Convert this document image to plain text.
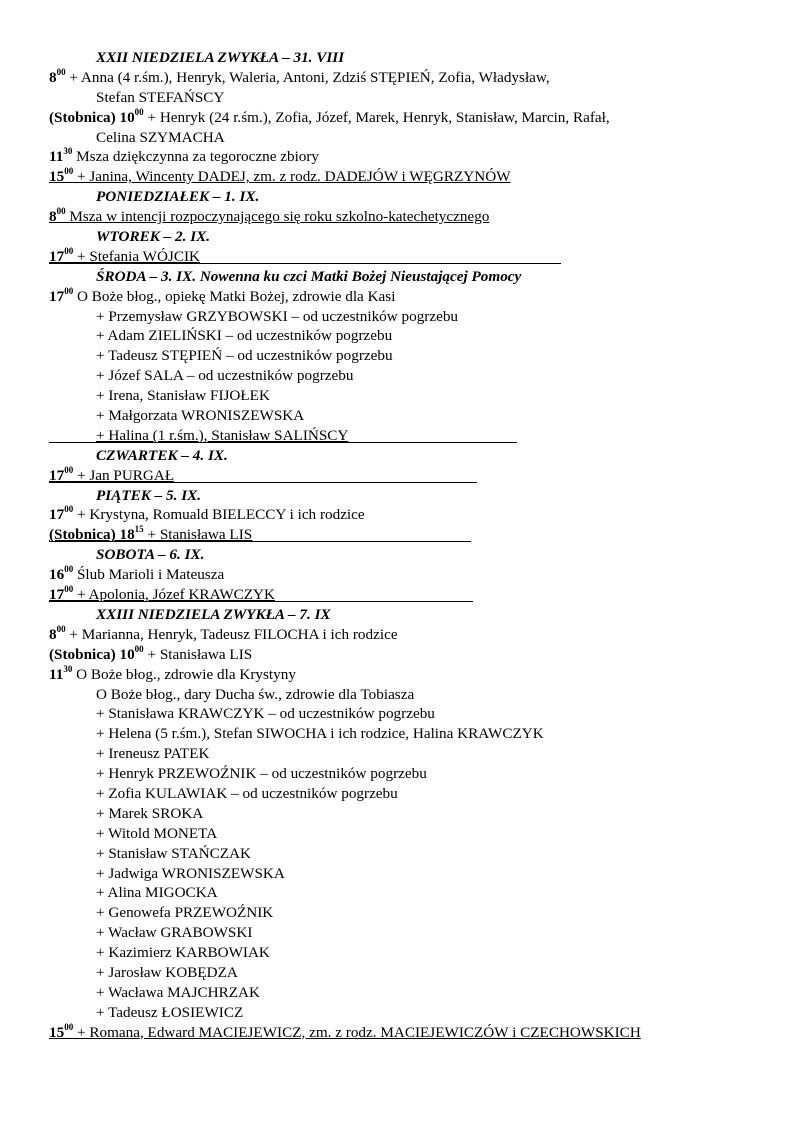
XXII NIEDZIELA ZWYKŁA – 31. VIII
$8^{00}$ + Anna (4 r.śm.), Henryk, Waleria, Antoni, Zdziś STĘPIEŃ, Zofia, Władysław,
Stefan STEFAŃSCY
(Stobnica) $10^{00}$ + Henryk (24 r.śm.), Zofia, Józef, Marek, Henryk, Stanisław, Marcin, Rafał,
Celina SZYMACHA
$11^{30}$ Msza dziękczynna za tegoroczne zbiory
$15^{00}$ + Janina, Wincenty DADEJ, zm. z rodz. DADEJÓW i WĘGRZYNÓW
PONIEDZIAŁEK – 1. IX.
$8^{00}$ Msza w intencji rozpoczynającego się roku szkolno-katechetycznego
WTOREK – 2. IX.
$17^{00}$ + Stefania WÓJCIK
ŚRODA – 3. IX. Nowenna ku czci Matki Bożej Nieustającej Pomocy
$17^{00}$ O Boże błog., opiekę Matki Bożej, zdrowie dla Kasi
+ Przemysław GRZYBOWSKI – od uczestników pogrzebu
+ Adam ZIELIŃSKI – od uczestników pogrzebu
+ Tadeusz STĘPIEŃ – od uczestników pogrzebu
+ Józef SALA – od uczestników pogrzebu
+ Irena, Stanisław FIJOŁEK
+ Małgorzata WRONISZEWSKA
+ Halina (1 r.śm.), Stanisław SALIŃSCY
CZWARTEK – 4. IX.
$17^{00}$ + Jan PURGAŁ
PIĄTEK – 5. IX.
$17^{00}$ + Krystyna, Romuald BIELECCY i ich rodzice
(Stobnica) $18^{15}$ + Stanisława LIS
SOBOTA – 6. IX.
$16^{00}$ Ślub Marioli i Mateusza
$17^{00}$ + Apolonia, Józef KRAWCZYK
XXIII NIEDZIELA ZWYKŁA – 7. IX
$8^{00}$ + Marianna, Henryk, Tadeusz FILOCHA i ich rodzice
(Stobnica) $10^{00}$ + Stanisława LIS
$11^{30}$ O Boże błog., zdrowie dla Krystyny
O Boże błog., dary Ducha św., zdrowie dla Tobiasza
+ Stanisława KRAWCZYK – od uczestników pogrzebu
+ Helena (5 r.śm.), Stefan SIWOCHA i ich rodzice, Halina KRAWCZYK
+ Ireneusz PATEK
+ Henryk PRZEWOŹNIK – od uczestników pogrzebu
+ Zofia KULAWIAK – od uczestników pogrzebu
+ Marek SROKA
+ Witold MONETA
+ Stanisław STAŃCZAK
+ Jadwiga WRONISZEWSKA
+ Alina MIGOCKA
+ Genowefa PRZEWOŹNIK
+ Wacław GRABOWSKI
+ Kazimierz KARBOWIAK
+ Jarosław KOBĘDZA
+ Wacława MAJCHRZAK
+ Tadeusz ŁOSIEWICZ
$15^{00}$ + Romana, Edward MACIEJEWICZ, zm. z rodz. MACIEJEWICZÓW i CZECHOWSKICH
